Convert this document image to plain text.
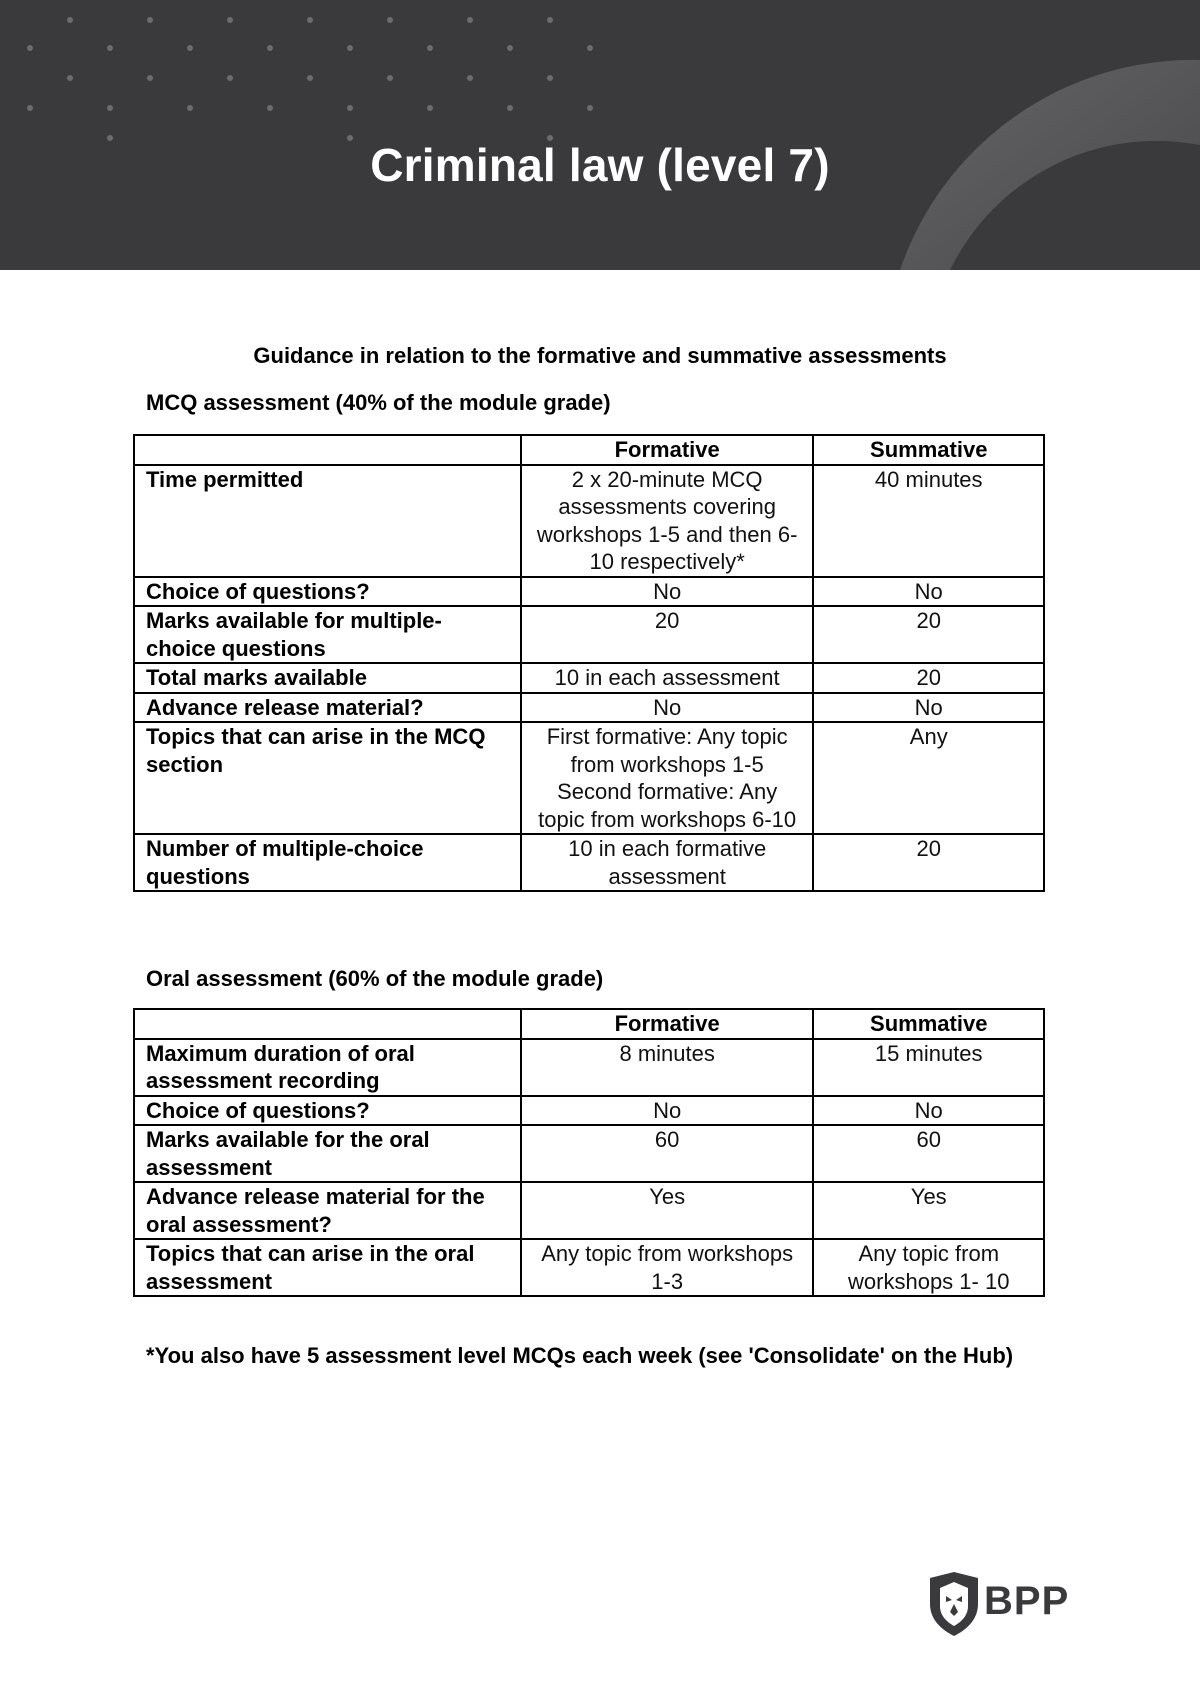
Criminal law (level 7)
Guidance in relation to the formative and summative assessments
MCQ assessment (40% of the module grade)
	Formative	Summative
Time permitted	2 x 20-minute MCQ assessments covering workshops 1-5 and then 6-10 respectively*	40 minutes
Choice of questions?	No	No
Marks available for multiple-choice questions	20	20
Total marks available	10 in each assessment	20
Advance release material?	No	No
Topics that can arise in the MCQ section	First formative: Any topic from workshops 1-5 Second formative: Any topic from workshops 6-10	Any
Number of multiple-choice questions	10 in each formative assessment	20
Oral assessment (60% of the module grade)
	Formative	Summative
Maximum duration of oral assessment recording	8 minutes	15 minutes
Choice of questions?	No	No
Marks available for the oral assessment	60	60
Advance release material for the oral assessment?	Yes	Yes
Topics that can arise in the oral assessment	Any topic from workshops 1-3	Any topic from workshops 1- 10
*You also have 5 assessment level MCQs each week (see 'Consolidate' on the Hub)
BPP
